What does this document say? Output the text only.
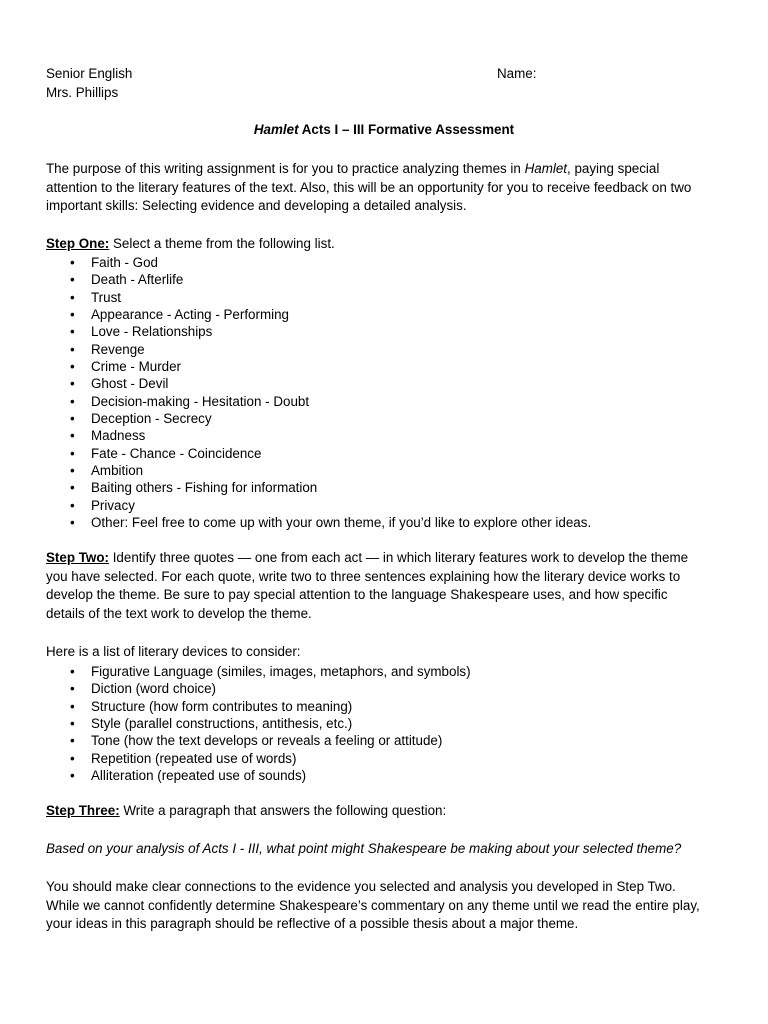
Senior English
Mrs. Phillips
Name:
Hamlet Acts I – III Formative Assessment
The purpose of this writing assignment is for you to practice analyzing themes in Hamlet, paying special
attention to the literary features of the text. Also, this will be an opportunity for you to receive feedback on two
important skills: Selecting evidence and developing a detailed analysis.
Step One: Select a theme from the following list.
• Faith - God
• Death - Afterlife
• Trust
• Appearance - Acting - Performing
• Love - Relationships
• Revenge
• Crime - Murder
• Ghost - Devil
• Decision-making - Hesitation - Doubt
• Deception - Secrecy
• Madness
• Fate - Chance - Coincidence
• Ambition
• Baiting others - Fishing for information
• Privacy
• Other: Feel free to come up with your own theme, if you’d like to explore other ideas.
Step Two: Identify three quotes — one from each act — in which literary features work to develop the theme
you have selected. For each quote, write two to three sentences explaining how the literary device works to
develop the theme. Be sure to pay special attention to the language Shakespeare uses, and how specific
details of the text work to develop the theme.
Here is a list of literary devices to consider:
• Figurative Language (similes, images, metaphors, and symbols)
• Diction (word choice)
• Structure (how form contributes to meaning)
• Style (parallel constructions, antithesis, etc.)
• Tone (how the text develops or reveals a feeling or attitude)
• Repetition (repeated use of words)
• Alliteration (repeated use of sounds)
Step Three: Write a paragraph that answers the following question:
Based on your analysis of Acts I - III, what point might Shakespeare be making about your selected theme?
You should make clear connections to the evidence you selected and analysis you developed in Step Two.
While we cannot confidently determine Shakespeare’s commentary on any theme until we read the entire play,
your ideas in this paragraph should be reflective of a possible thesis about a major theme.
